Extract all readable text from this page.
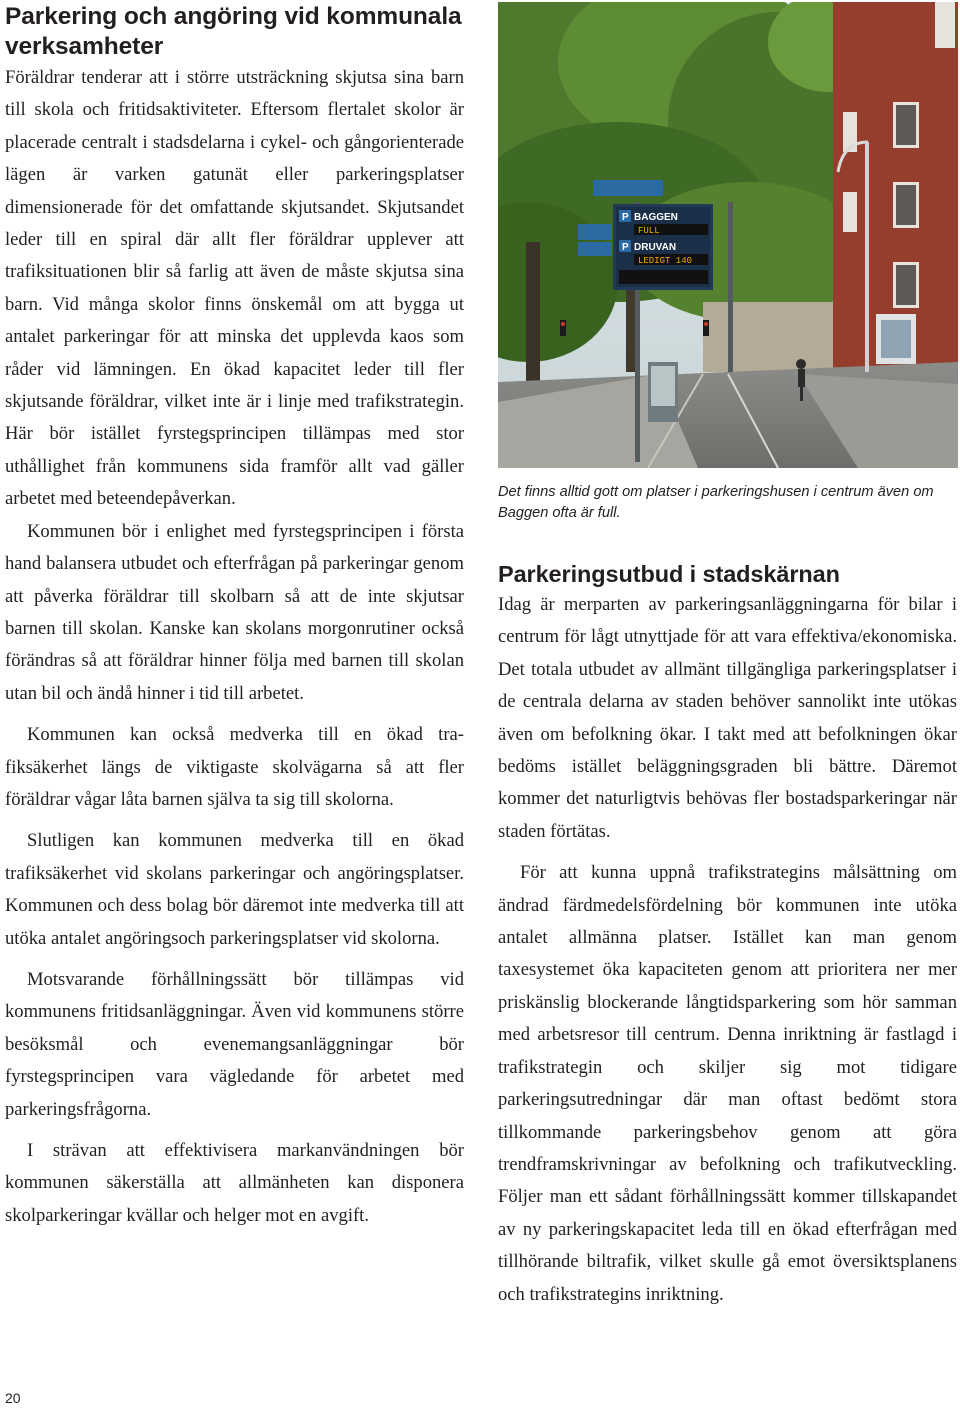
Parkering och angöring vid kommunala verksamheter

Föräldrar tenderar att i större utsträckning skjutsa sina barn till skola och fritidsaktiviteter. Eftersom flertalet skolor är placerade centralt i stadsdelarna i cykel- och gångorienterade lägen är varken gatunät eller parkeringsplatser dimensionerade för det omfattande skjutsandet. Skjutsandet leder till en spiral där allt fler föräldrar upplever att trafiksituationen blir så farlig att även de måste skjutsa sina barn. Vid många skolor finns önskemål om att bygga ut antalet parkeringar för att minska det upplevda kaos som råder vid lämningen. En ökad kapacitet leder till fler skjutsande föräldrar, vilket inte är i linje med trafikstrategin. Här bör istället fyrstegsprincipen tillämpas med stor uthållighet från kommunens sida framför allt vad gäller arbetet med beteendepåverkan.

Kommunen bör i enlighet med fyrstegsprincipen i första hand balansera utbudet och efterfrågan på parkeringar genom att påverka föräldrar till skolbarn så att de inte skjutsar barnen till skolan. Kanske kan skolans morgonrutiner också förändras så att föräldrar hinner följa med barnen till skolan utan bil och ändå hinner i tid till arbetet.

Kommunen kan också medverka till en ökad trafiksäkerhet längs de viktigaste skolvägarna så att fler föräldrar vågar låta barnen själva ta sig till skolorna.

Slutligen kan kommunen medverka till en ökad trafiksäkerhet vid skolans parkeringar och angöringsplatser. Kommunen och dess bolag bör däremot inte medverka till att utöka antalet angöringsoch parkeringsplatser vid skolorna.

Motsvarande förhållningssätt bör tillämpas vid kommunens fritidsanläggningar. Även vid kommunens större besöksmål och evenemangsanläggningar bör fyrstegsprincipen vara vägledande för arbetet med parkeringsfrågorna.

I strävan att effektivisera markanvändningen bör kommunen säkerställa att allmänheten kan disponera skolparkeringar kvällar och helger mot en avgift.

P BAGGEN
FULL
P DRUVAN
LEDIGT 140

Det finns alltid gott om platser i parkeringshusen i centrum även om Baggen ofta är full.

Parkeringsutbud i stadskärnan

Idag är merparten av parkeringsanläggningarna för bilar i centrum för lågt utnyttjade för att vara effektiva/ekonomiska. Det totala utbudet av allmänt tillgängliga parkeringsplatser i de centrala delarna av staden behöver sannolikt inte utökas även om befolkning ökar. I takt med att befolkningen ökar bedöms istället beläggningsgraden bli bättre. Däremot kommer det naturligtvis behövas fler bostadsparkeringar när staden förtätas.

För att kunna uppnå trafikstrategins målsättning om ändrad färdmedelsfördelning bör kommunen inte utöka antalet allmänna platser. Istället kan man genom taxesystemet öka kapaciteten genom att prioritera ner mer priskänslig blockerande långtidsparkering som hör samman med arbetsresor till centrum. Denna inriktning är fastlagd i trafikstrategin och skiljer sig mot tidigare parkeringsutredningar där man oftast bedömt stora tillkommande parkeringsbehov genom att göra trendframskrivningar av befolkning och trafikutveckling. Följer man ett sådant förhållningssätt kommer tillskapandet av ny parkeringskapacitet leda till en ökad efterfrågan med tillhörande biltrafik, vilket skulle gå emot översiktsplanens och trafikstrategins inriktning.

20
